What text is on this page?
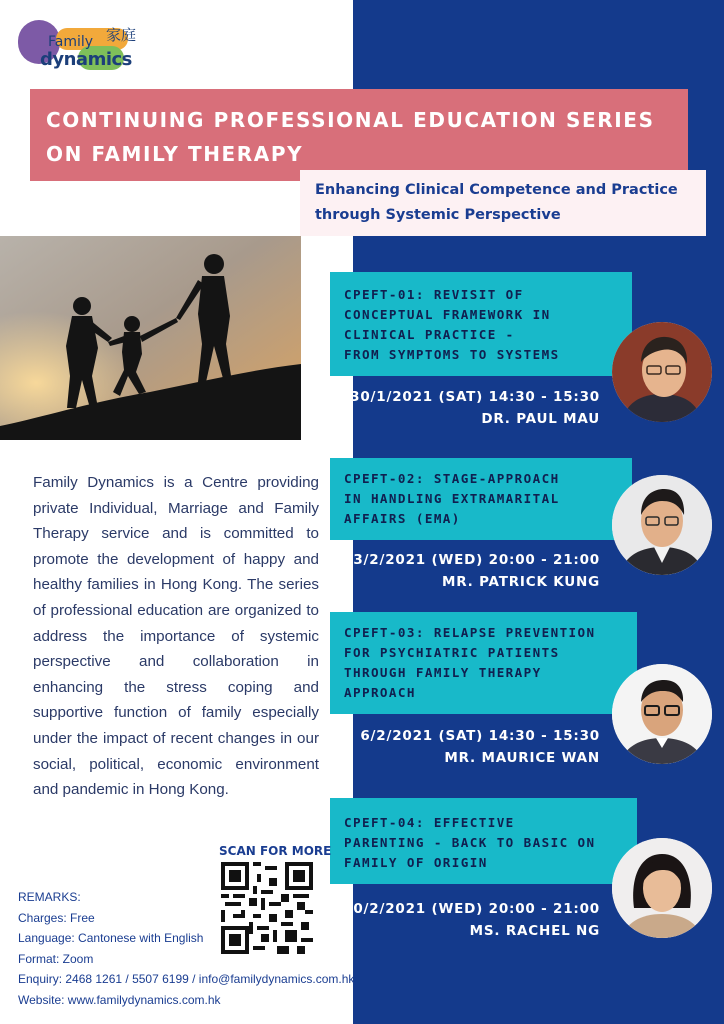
家庭
Family
dynamics
CONTINUING PROFESSIONAL EDUCATION SERIES
ON FAMILY THERAPY
Enhancing Clinical Competence and Practice
through Systemic Perspective
Family Dynamics is a Centre providing private Individual, Marriage and Family Therapy service and is committed to promote the development of happy and healthy families in Hong Kong. The series of professional education are organized to address the importance of systemic perspective and collaboration in enhancing the stress coping and supportive function of family especially under the impact of recent changes in our social, political, economic environment and pandemic in Hong Kong.
CPEFT-01: REVISIT OF
CONCEPTUAL FRAMEWORK IN
CLINICAL PRACTICE -
FROM SYMPTOMS TO SYSTEMS
30/1/2021 (SAT) 14:30 - 15:30
DR. PAUL MAU
CPEFT-02: STAGE-APPROACH
IN HANDLING EXTRAMARITAL
AFFAIRS (EMA)
3/2/2021 (WED) 20:00 - 21:00
MR. PATRICK KUNG
CPEFT-03: RELAPSE PREVENTION
FOR PSYCHIATRIC PATIENTS
THROUGH FAMILY THERAPY
APPROACH
6/2/2021 (SAT) 14:30 - 15:30
MR. MAURICE WAN
CPEFT-04: EFFECTIVE
PARENTING - BACK TO BASIC ON
FAMILY OF ORIGIN
10/2/2021 (WED) 20:00 - 21:00
MS. RACHEL NG
SCAN FOR MORE
REMARKS:
Charges: Free
Language: Cantonese with English
Format: Zoom
Enquiry: 2468 1261 / 5507 6199 / info@familydynamics.com.hk
Website: www.familydynamics.com.hk
